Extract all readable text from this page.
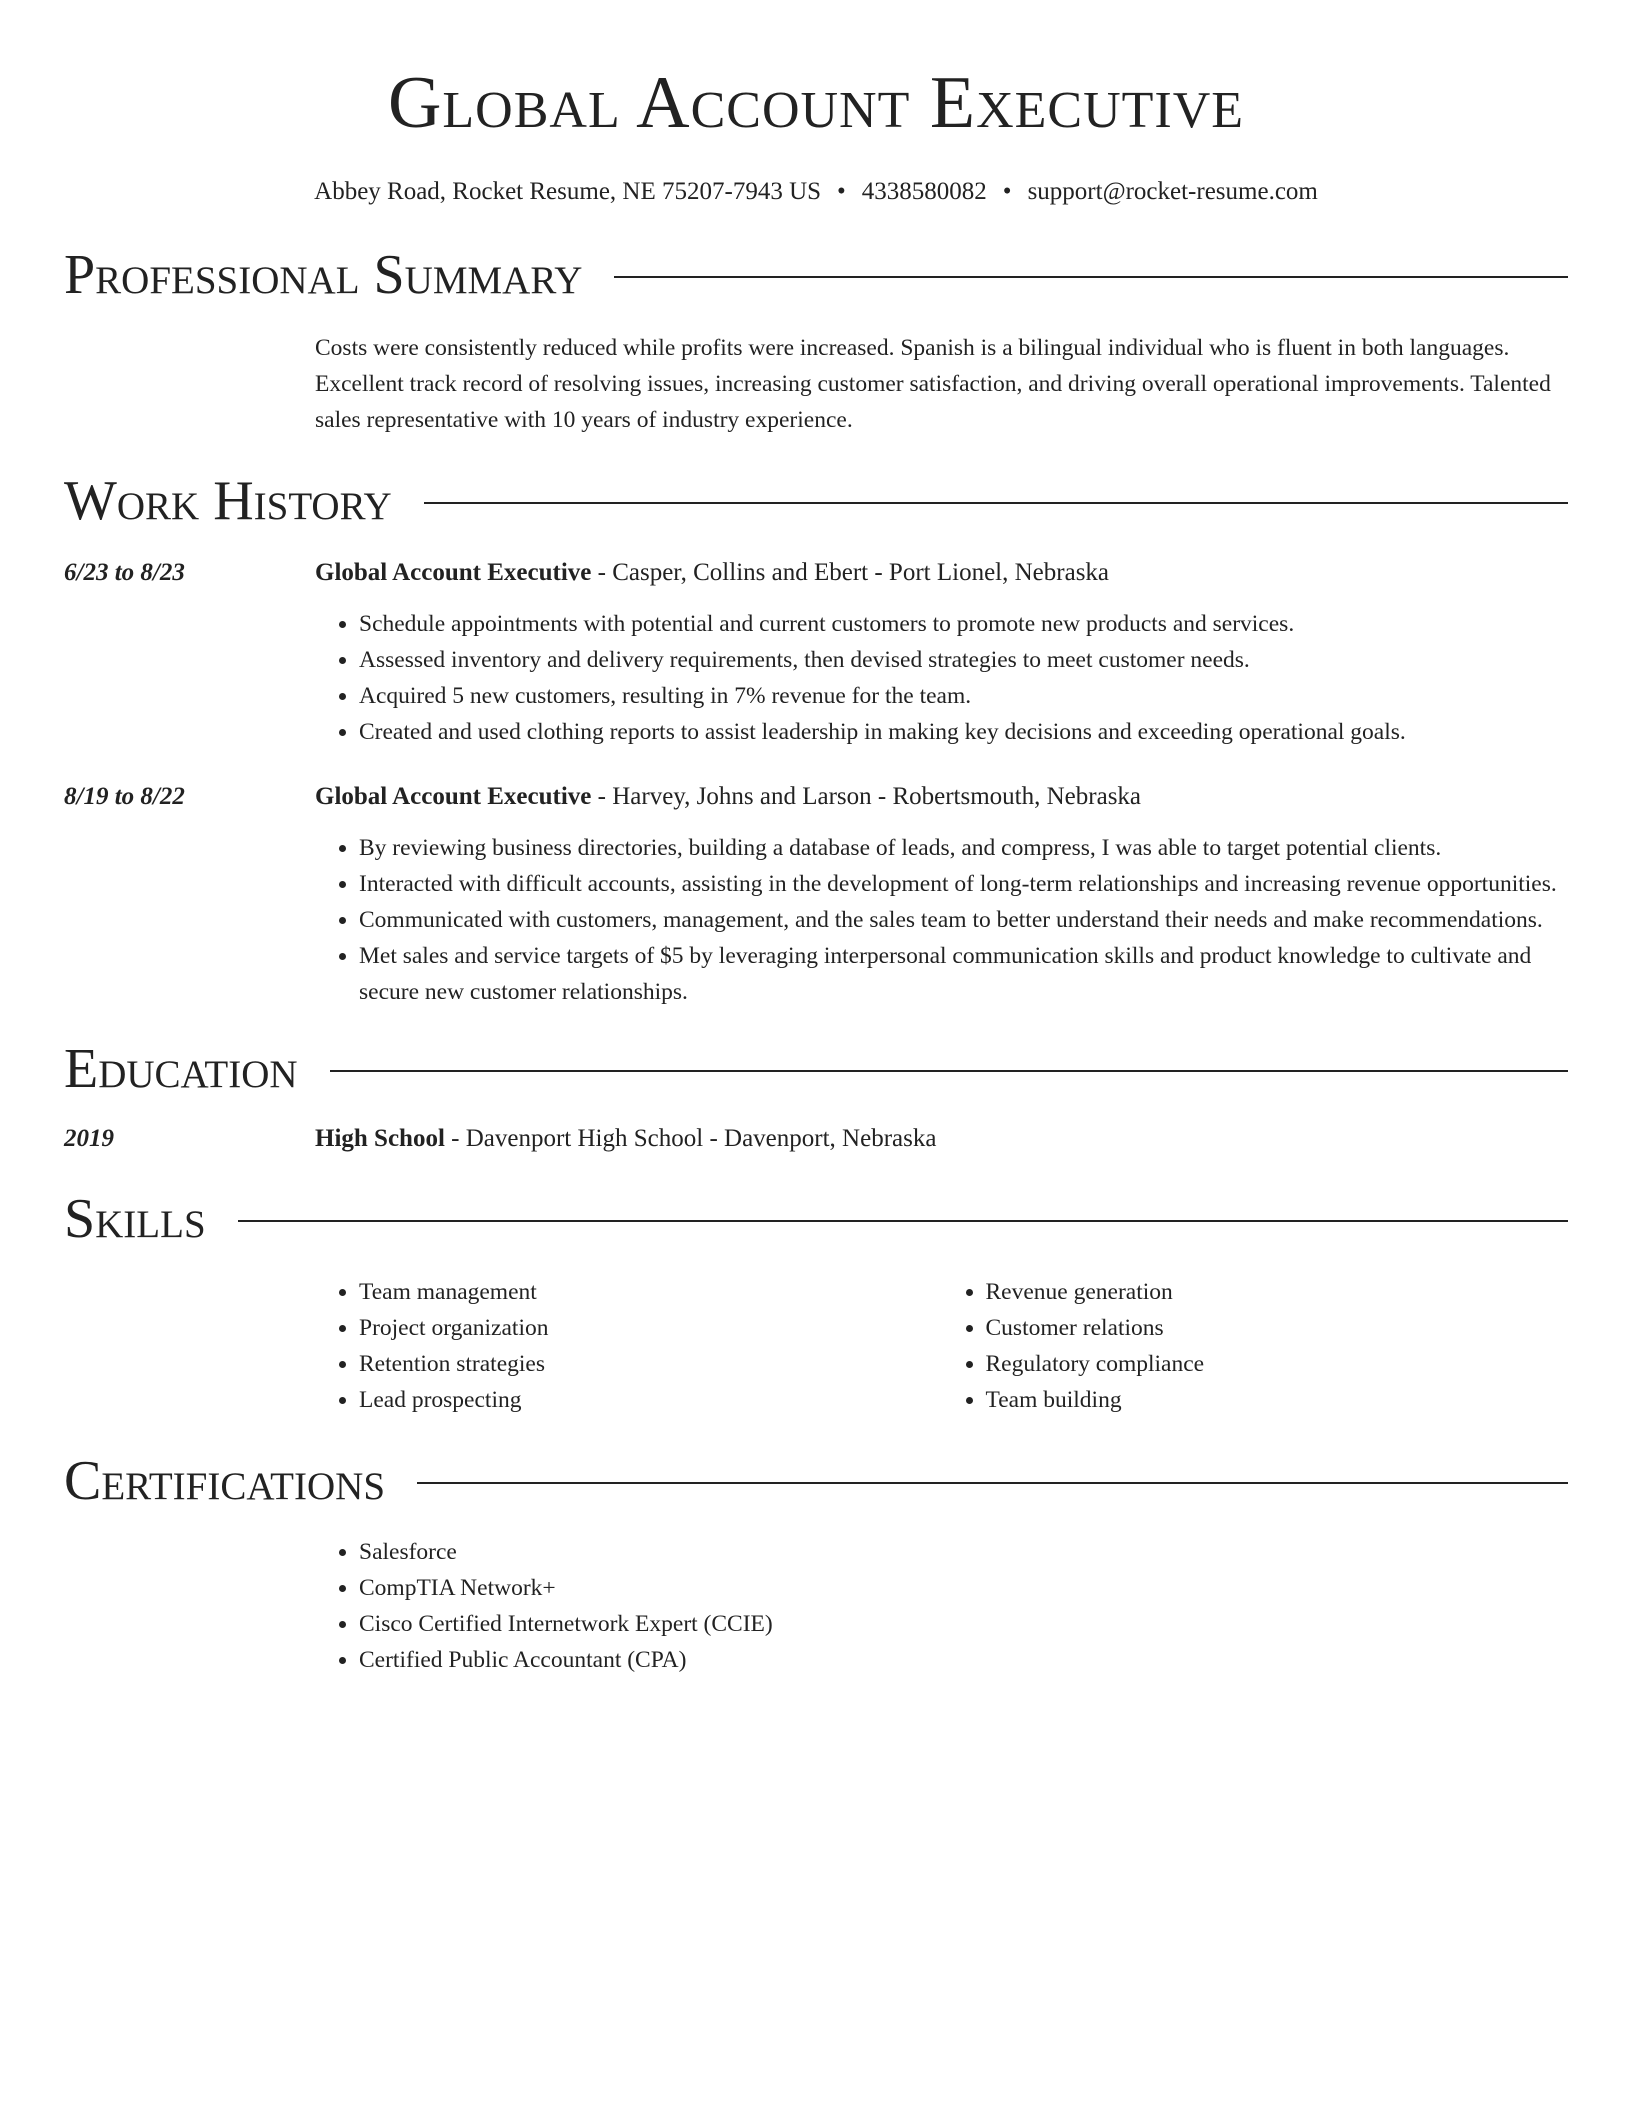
Global Account Executive
Abbey Road, Rocket Resume, NE 75207-7943 US • 4338580082 • support@rocket-resume.com
Professional Summary
Costs were consistently reduced while profits were increased. Spanish is a bilingual individual who is fluent in both languages. Excellent track record of resolving issues, increasing customer satisfaction, and driving overall operational improvements. Talented sales representative with 10 years of industry experience.
Work History
6/23 to 8/23	Global Account Executive - Casper, Collins and Ebert - Port Lionel, Nebraska
• Schedule appointments with potential and current customers to promote new products and services.
• Assessed inventory and delivery requirements, then devised strategies to meet customer needs.
• Acquired 5 new customers, resulting in 7% revenue for the team.
• Created and used clothing reports to assist leadership in making key decisions and exceeding operational goals.
8/19 to 8/22	Global Account Executive - Harvey, Johns and Larson - Robertsmouth, Nebraska
• By reviewing business directories, building a database of leads, and compress, I was able to target potential clients.
• Interacted with difficult accounts, assisting in the development of long-term relationships and increasing revenue opportunities.
• Communicated with customers, management, and the sales team to better understand their needs and make recommendations.
• Met sales and service targets of $5 by leveraging interpersonal communication skills and product knowledge to cultivate and secure new customer relationships.
Education
2019	High School - Davenport High School - Davenport, Nebraska
Skills
• Team management
• Project organization
• Retention strategies
• Lead prospecting
• Revenue generation
• Customer relations
• Regulatory compliance
• Team building
Certifications
• Salesforce
• CompTIA Network+
• Cisco Certified Internetwork Expert (CCIE)
• Certified Public Accountant (CPA)
